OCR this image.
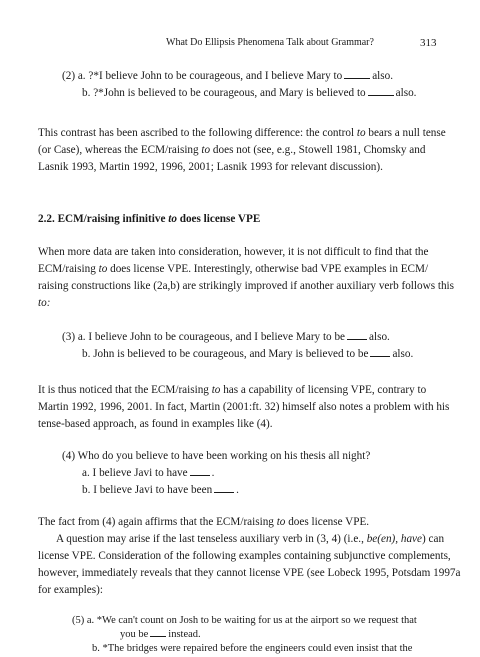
What Do Ellipsis Phenomena Talk about Grammar?	313
(2) a. ?*I believe John to be courageous, and I believe Mary to	also.
b. ?*John is believed to be courageous, and Mary is believed to	also.
This contrast has been ascribed to the following difference: the control to bears a null tense
(or Case), whereas the ECM/raising to does not (see, e.g., Stowell 1981, Chomsky and
Lasnik 1993, Martin 1992, 1996, 2001; Lasnik 1993 for relevant discussion).
2.2. ECM/raising infinitive to does license VPE
When more data are taken into consideration, however, it is not difficult to find that the
ECM/raising to does license VPE. Interestingly, otherwise bad VPE examples in ECM/
raising constructions like (2a,b) are strikingly improved if another auxiliary verb follows this
to:
(3) a. I believe John to be courageous, and I believe Mary to be also.
b. John is believed to be courageous, and Mary is believed to be also.
It is thus noticed that the ECM/raising to has a capability of licensing VPE, contrary to
Martin 1992, 1996, 2001. In fact, Martin (2001:ft. 32) himself also notes a problem with his
tense-based approach, as found in examples like (4).
(4) Who do you believe to have been working on his thesis all night?
a. I believe Javi to have .
b. I believe Javi to have been .
The fact from (4) again affirms that the ECM/raising to does license VPE.
A question may arise if the last tenseless auxiliary verb in (3, 4) (i.e., be(en), have) can
license VPE. Consideration of the following examples containing subjunctive complements,
however, immediately reveals that they cannot license VPE (see Lobeck 1995, Potsdam 1997a
for examples):
(5) a. *We can't count on Josh to be waiting for us at the airport so we request that
you be instead.
b. *The bridges were repaired before the engineers could even insist that the
